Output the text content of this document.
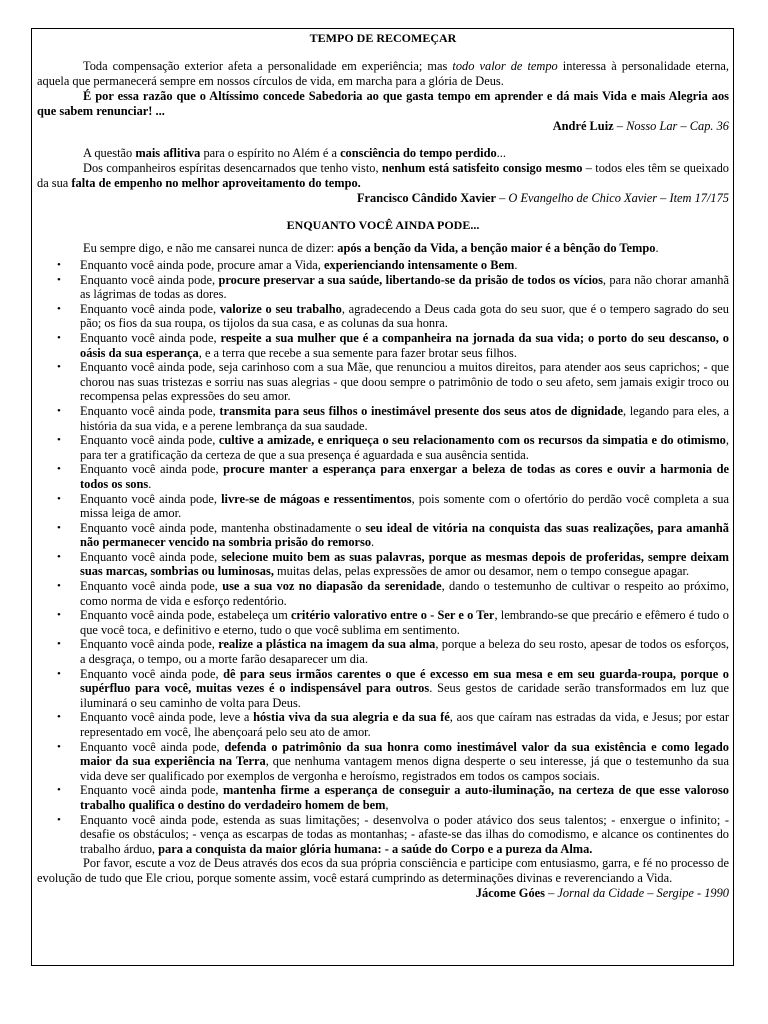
TEMPO DE RECOMEÇAR

Toda compensação exterior afeta a personalidade em experiência; mas todo valor de tempo interessa à personalidade eterna, aquela que permanecerá sempre em nossos círculos de vida, em marcha para a glória de Deus.

É por essa razão que o Altíssimo concede Sabedoria ao que gasta tempo em aprender e dá mais Vida e mais Alegria aos que sabem renunciar! ...

André Luiz – Nosso Lar – Cap. 36

A questão mais aflitiva para o espírito no Além é a consciência do tempo perdido...

Dos companheiros espíritas desencarnados que tenho visto, nenhum está satisfeito consigo mesmo – todos eles têm se queixado da sua falta de empenho no melhor aproveitamento do tempo.

Francisco Cândido Xavier – O Evangelho de Chico Xavier – Item 17/175
ENQUANTO VOCÊ AINDA PODE...

Eu sempre digo, e não me cansarei nunca de dizer: após a benção da Vida, a benção maior é a bênção do Tempo.

• Enquanto você ainda pode, procure amar a Vida, experienciando intensamente o Bem.
• Enquanto você ainda pode, procure preservar a sua saúde, libertando-se da prisão de todos os vícios, para não chorar amanhã as lágrimas de todas as dores.
• Enquanto você ainda pode, valorize o seu trabalho, agradecendo a Deus cada gota do seu suor, que é o tempero sagrado do seu pão; os fios da sua roupa, os tijolos da sua casa, e as colunas da sua honra.
• Enquanto você ainda pode, respeite a sua mulher que é a companheira na jornada da sua vida; o porto do seu descanso, o oásis da sua esperança, e a terra que recebe a sua semente para fazer brotar seus filhos.
• Enquanto você ainda pode, seja carinhoso com a sua Mãe, que renunciou a muitos direitos, para atender aos seus caprichos; - que chorou nas suas tristezas e sorriu nas suas alegrias - que doou sempre o patrimônio de todo o seu afeto, sem jamais exigir troco ou recompensa pelas expressões do seu amor.
• Enquanto você ainda pode, transmita para seus filhos o inestimável presente dos seus atos de dignidade, legando para eles, a história da sua vida, e a perene lembrança da sua saudade.
• Enquanto você ainda pode, cultive a amizade, e enriqueça o seu relacionamento com os recursos da simpatia e do otimismo, para ter a gratificação da certeza de que a sua presença é aguardada e sua ausência sentida.
• Enquanto você ainda pode, procure manter a esperança para enxergar a beleza de todas as cores e ouvir a harmonia de todos os sons.
• Enquanto você ainda pode, livre-se de mágoas e ressentimentos, pois somente com o ofertório do perdão você completa a sua missa leiga de amor.
• Enquanto você ainda pode, mantenha obstinadamente o seu ideal de vitória na conquista das suas realizações, para amanhã não permanecer vencido na sombria prisão do remorso.
• Enquanto você ainda pode, selecione muito bem as suas palavras, porque as mesmas depois de proferidas, sempre deixam suas marcas, sombrias ou luminosas, muitas delas, pelas expressões de amor ou desamor, nem o tempo consegue apagar.
• Enquanto você ainda pode, use a sua voz no diapasão da serenidade, dando o testemunho de cultivar o respeito ao próximo, como norma de vida e esforço redentório.
• Enquanto você ainda pode, estabeleça um critério valorativo entre o - Ser e o Ter, lembrando-se que precário e efêmero é tudo o que você toca, e definitivo e eterno, tudo o que você sublima em sentimento.
• Enquanto você ainda pode, realize a plástica na imagem da sua alma, porque a beleza do seu rosto, apesar de todos os esforços, a desgraça, o tempo, ou a morte farão desaparecer um dia.
• Enquanto você ainda pode, dê para seus irmãos carentes o que é excesso em sua mesa e em seu guarda-roupa, porque o supérfluo para você, muitas vezes é o indispensável para outros. Seus gestos de caridade serão transformados em luz que iluminará o seu caminho de volta para Deus.
• Enquanto você ainda pode, leve a hóstia viva da sua alegria e da sua fé, aos que caíram nas estradas da vida, e Jesus; por estar representado em você, lhe abençoará pelo seu ato de amor.
• Enquanto você ainda pode, defenda o patrimônio da sua honra como inestimável valor da sua existência e como legado maior da sua experiência na Terra, que nenhuma vantagem menos digna desperte o seu interesse, já que o testemunho da sua vida deve ser qualificado por exemplos de vergonha e heroísmo, registrados em todos os campos sociais.
• Enquanto você ainda pode, mantenha firme a esperança de conseguir a auto-iluminação, na certeza de que esse valoroso trabalho qualifica o destino do verdadeiro homem de bem,
• Enquanto você ainda pode, estenda as suas limitações; - desenvolva o poder atávico dos seus talentos; - enxergue o infinito; - desafie os obstáculos; - vença as escarpas de todas as montanhas; - afaste-se das ilhas do comodismo, e alcance os continentes do trabalho árduo, para a conquista da maior glória humana: - a saúde do Corpo e a pureza da Alma.

Por favor, escute a voz de Deus através dos ecos da sua própria consciência e participe com entusiasmo, garra, e fé no processo de evolução de tudo que Ele criou, porque somente assim, você estará cumprindo as determinações divinas e reverenciando a Vida.

Jácome Góes – Jornal da Cidade – Sergipe - 1990
